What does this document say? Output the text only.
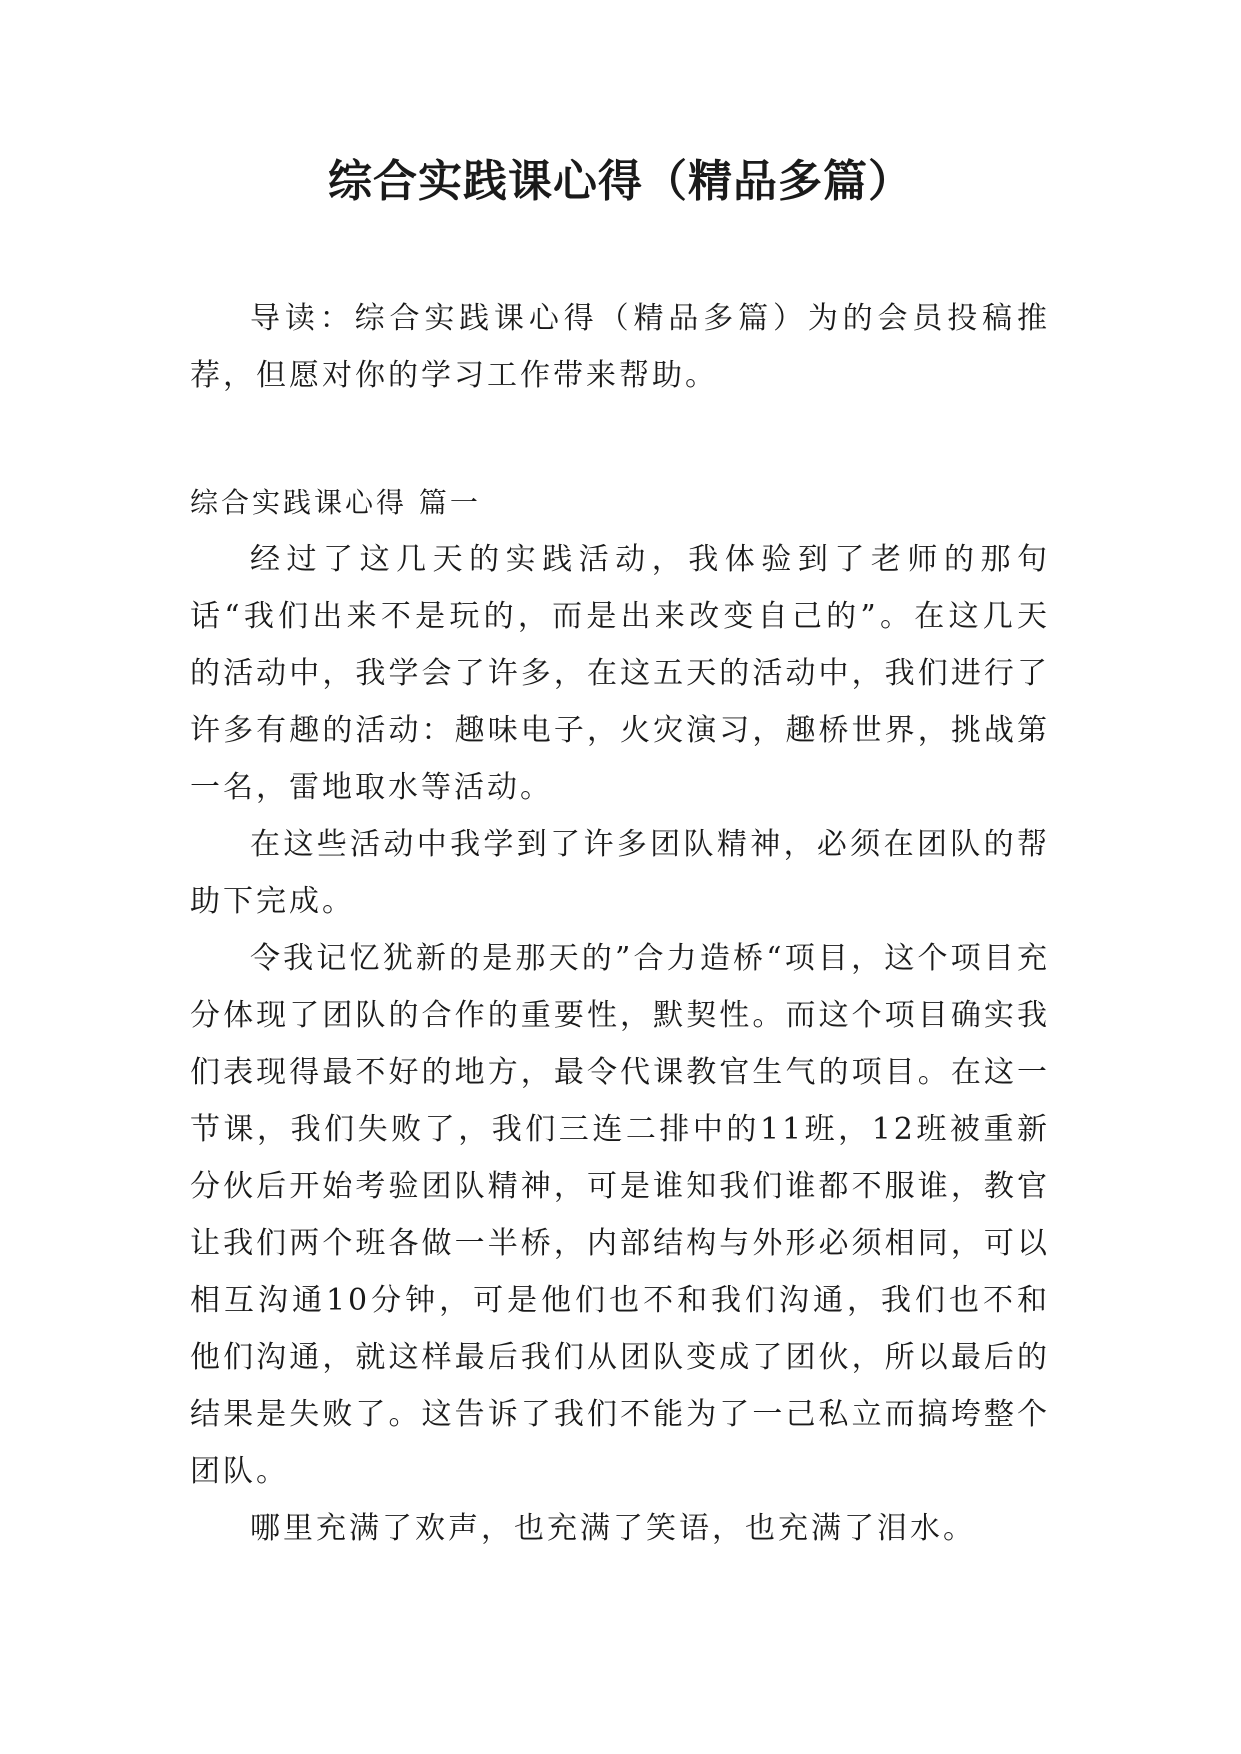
综合实践课心得（精品多篇）

导读：综合实践课心得（精品多篇）为的会员投稿推荐，但愿对你的学习工作带来帮助。

综合实践课心得 篇一

经过了这几天的实践活动，我体验到了老师的那句话“我们出来不是玩的，而是出来改变自己的”。在这几天的活动中，我学会了许多，在这五天的活动中，我们进行了许多有趣的活动：趣味电子，火灾演习，趣桥世界，挑战第一名，雷地取水等活动。

在这些活动中我学到了许多团队精神，必须在团队的帮助下完成。

令我记忆犹新的是那天的”合力造桥“项目，这个项目充分体现了团队的合作的重要性，默契性。而这个项目确实我们表现得最不好的地方，最令代课教官生气的项目。在这一节课，我们失败了，我们三连二排中的11班，12班被重新分伙后开始考验团队精神，可是谁知我们谁都不服谁，教官让我们两个班各做一半桥，内部结构与外形必须相同，可以相互沟通10分钟，可是他们也不和我们沟通，我们也不和他们沟通，就这样最后我们从团队变成了团伙，所以最后的结果是失败了。这告诉了我们不能为了一己私立而搞垮整个团队。

哪里充满了欢声，也充满了笑语，也充满了泪水。
